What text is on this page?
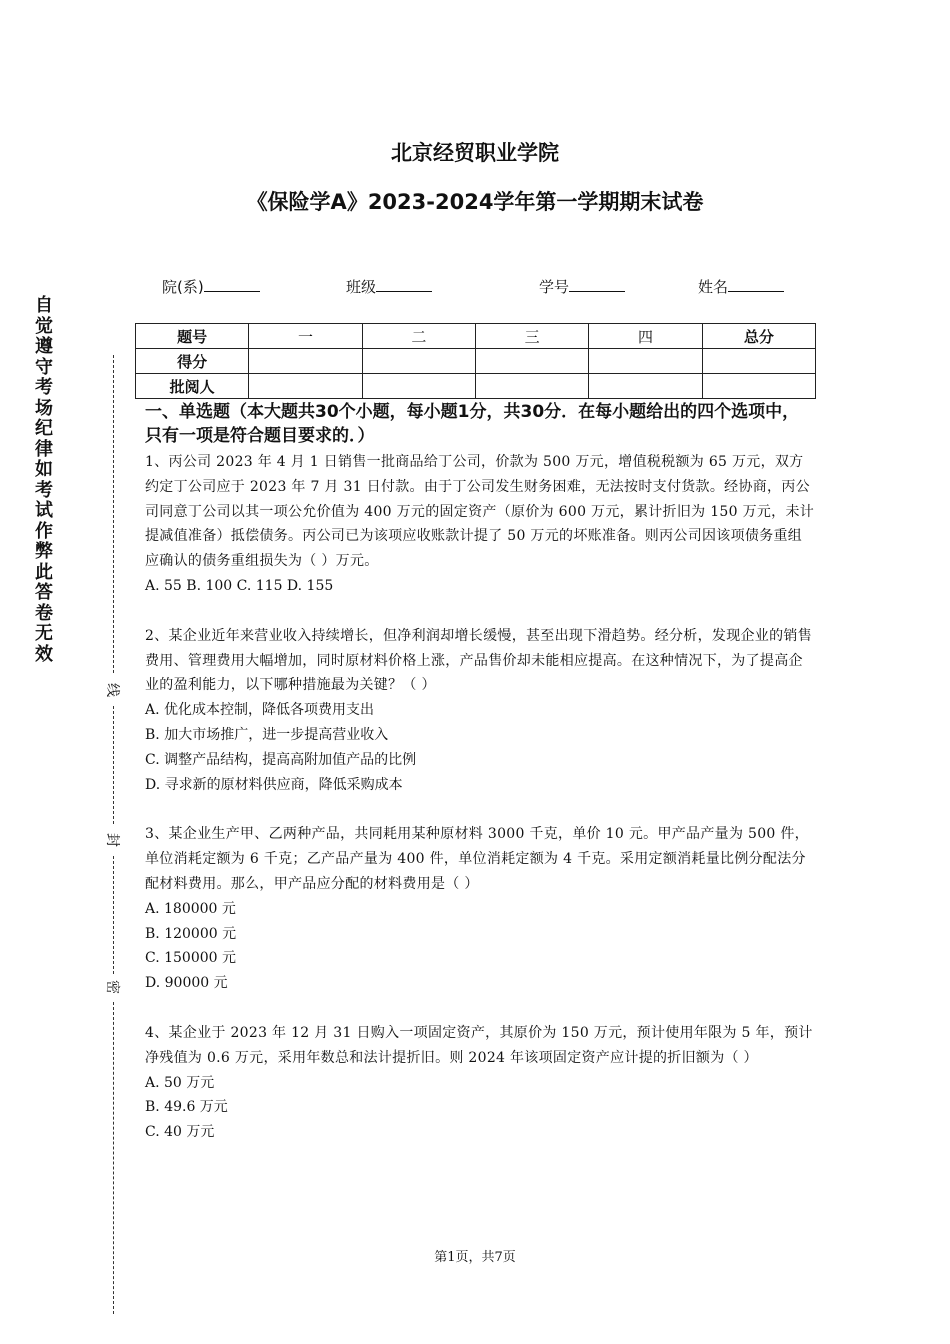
北京经贸职业学院
《保险学A》2023-2024学年第一学期期末试卷
院(系)	班级	学号	姓名
题号	一	二	三	四	总分
得分					
批阅人					
自觉遵守考场纪律如考试作弊此答卷无效
线
封
密

一、单选题（本大题共30个小题，每小题1分，共30分．在每小题给出的四个选项中，只有一项是符合题目要求的．）

1、丙公司 2023 年 4 月 1 日销售一批商品给丁公司，价款为 500 万元，增值税税额为 65 万元，双方约定丁公司应于 2023 年 7 月 31 日付款。由于丁公司发生财务困难，无法按时支付货款。经协商，丙公司同意丁公司以其一项公允价值为 400 万元的固定资产（原价为 600 万元，累计折旧为 150 万元，未计提减值准备）抵偿债务。丙公司已为该项应收账款计提了 50 万元的坏账准备。则丙公司因该项债务重组应确认的债务重组损失为（ ）万元。

A. 55 B. 100 C. 115 D. 155

2、某企业近年来营业收入持续增长，但净利润却增长缓慢，甚至出现下滑趋势。经分析，发现企业的销售费用、管理费用大幅增加，同时原材料价格上涨，产品售价却未能相应提高。在这种情况下，为了提高企业的盈利能力，以下哪种措施最为关键？（ ）

A. 优化成本控制，降低各项费用支出

B. 加大市场推广，进一步提高营业收入

C. 调整产品结构，提高高附加值产品的比例

D. 寻求新的原材料供应商，降低采购成本

3、某企业生产甲、乙两种产品，共同耗用某种原材料 3000 千克，单价 10 元。甲产品产量为 500 件，单位消耗定额为 6 千克；乙产品产量为 400 件，单位消耗定额为 4 千克。采用定额消耗量比例分配法分配材料费用。那么，甲产品应分配的材料费用是（ ）

A. 180000 元

B. 120000 元

C. 150000 元

D. 90000 元

4、某企业于 2023 年 12 月 31 日购入一项固定资产，其原价为 150 万元，预计使用年限为 5 年，预计净残值为 0.6 万元，采用年数总和法计提折旧。则 2024 年该项固定资产应计提的折旧额为（ ）

A. 50 万元

B. 49.6 万元

C. 40 万元

第1页，共7页
